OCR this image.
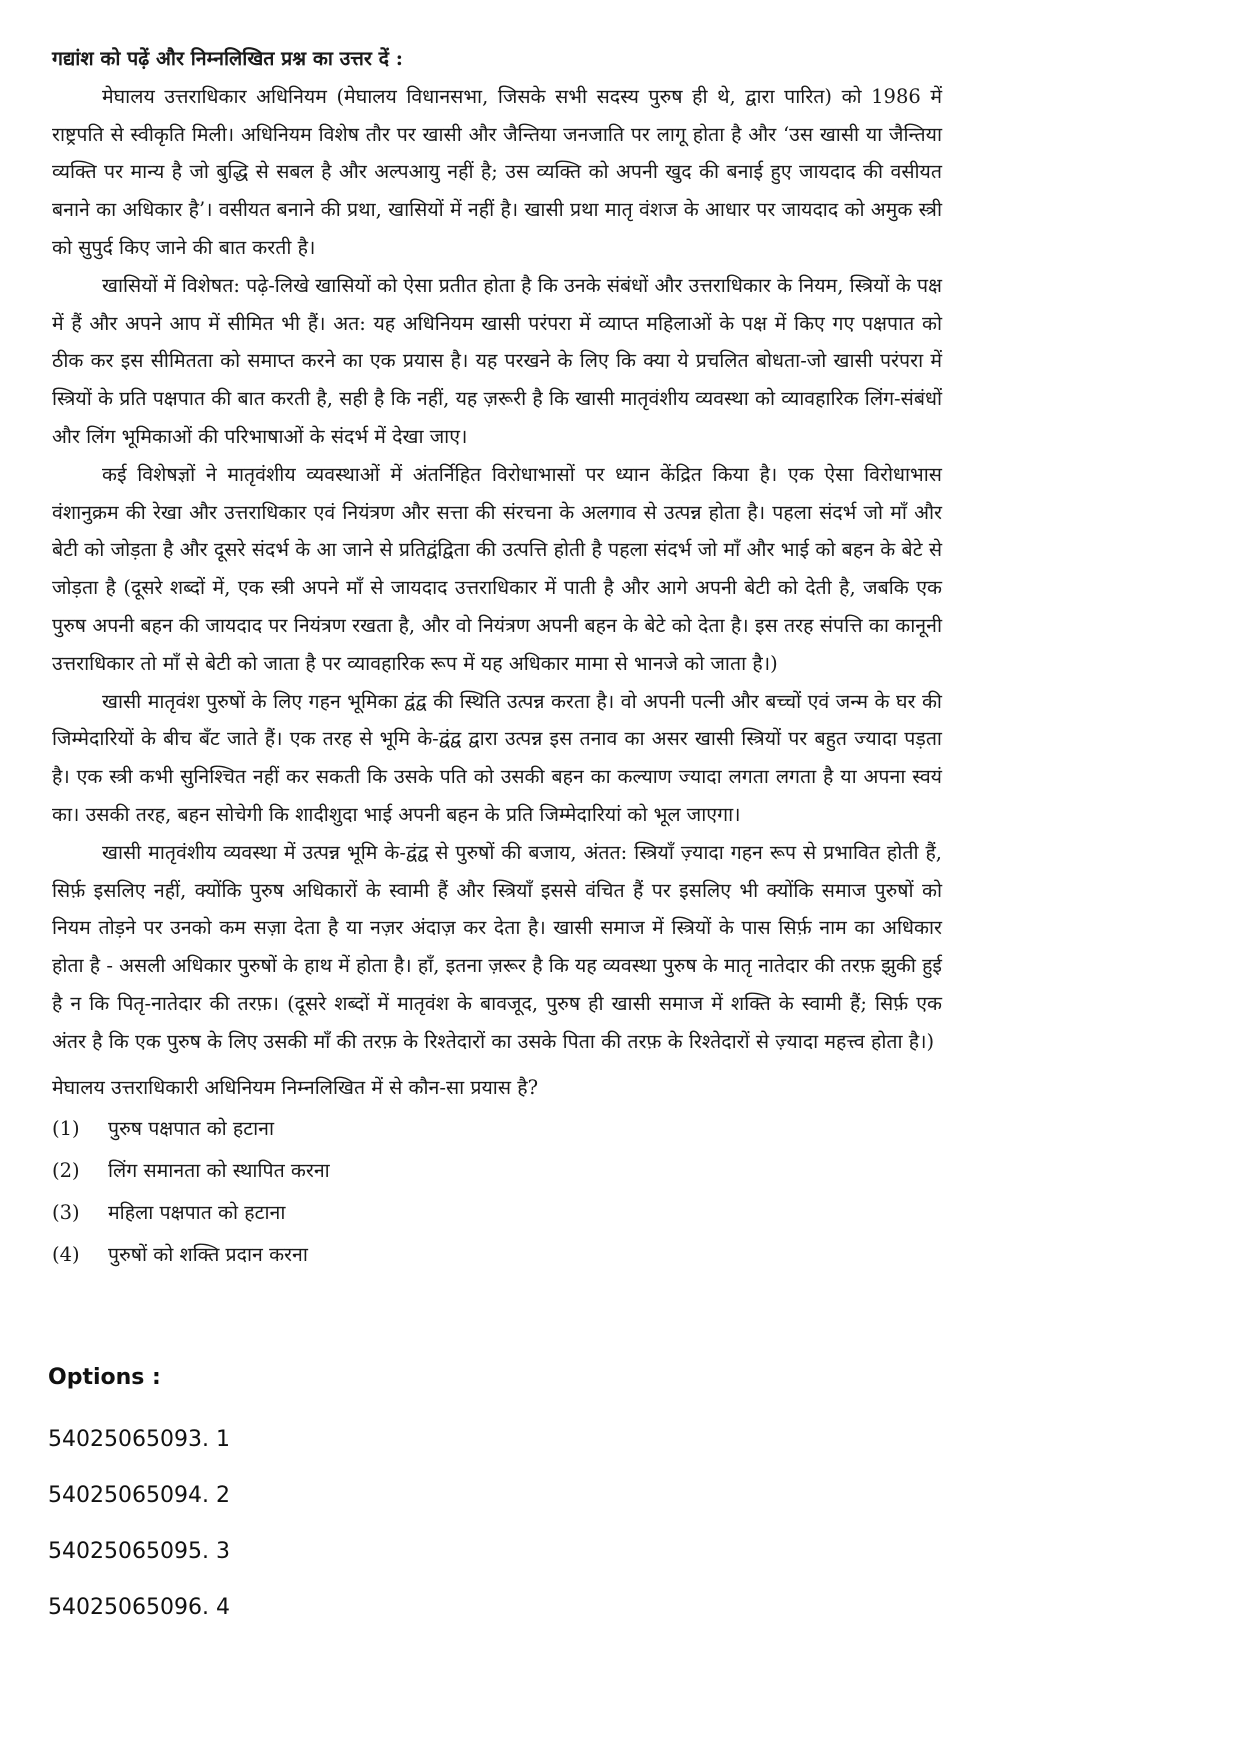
गद्यांश को पढ़ें और निम्नलिखित प्रश्न का उत्तर दें :

मेघालय उत्तराधिकार अधिनियम (मेघालय विधानसभा, जिसके सभी सदस्य पुरुष ही थे, द्वारा पारित) को 1986 में राष्ट्रपति से स्वीकृति मिली। अधिनियम विशेष तौर पर खासी और जैन्तिया जनजाति पर लागू होता है और ‘उस खासी या जैन्तिया व्यक्ति पर मान्य है जो बुद्धि से सबल है और अल्पआयु नहीं है; उस व्यक्ति को अपनी खुद की बनाई हुए जायदाद की वसीयत बनाने का अधिकार है’। वसीयत बनाने की प्रथा, खासियों में नहीं है। खासी प्रथा मातृ वंशज के आधार पर जायदाद को अमुक स्त्री को सुपुर्द किए जाने की बात करती है।

खासियों में विशेषत: पढ़े-लिखे खासियों को ऐसा प्रतीत होता है कि उनके संबंधों और उत्तराधिकार के नियम, स्त्रियों के पक्ष में हैं और अपने आप में सीमित भी हैं। अत: यह अधिनियम खासी परंपरा में व्याप्त महिलाओं के पक्ष में किए गए पक्षपात को ठीक कर इस सीमितता को समाप्त करने का एक प्रयास है। यह परखने के लिए कि क्या ये प्रचलित बोधता-जो खासी परंपरा में स्त्रियों के प्रति पक्षपात की बात करती है, सही है कि नहीं, यह ज़रूरी है कि खासी मातृवंशीय व्यवस्था को व्यावहारिक लिंग-संबंधों और लिंग भूमिकाओं की परिभाषाओं के संदर्भ में देखा जाए।

कई विशेषज्ञों ने मातृवंशीय व्यवस्थाओं में अंतर्निहित विरोधाभासों पर ध्यान केंद्रित किया है। एक ऐसा विरोधाभास वंशानुक्रम की रेखा और उत्तराधिकार एवं नियंत्रण और सत्ता की संरचना के अलगाव से उत्पन्न होता है। पहला संदर्भ जो माँ और बेटी को जोड़ता है और दूसरे संदर्भ के आ जाने से प्रतिद्वंद्विता की उत्पत्ति होती है पहला संदर्भ जो माँ और भाई को बहन के बेटे से जोड़ता है (दूसरे शब्दों में, एक स्त्री अपने माँ से जायदाद उत्तराधिकार में पाती है और आगे अपनी बेटी को देती है, जबकि एक पुरुष अपनी बहन की जायदाद पर नियंत्रण रखता है, और वो नियंत्रण अपनी बहन के बेटे को देता है। इस तरह संपत्ति का कानूनी उत्तराधिकार तो माँ से बेटी को जाता है पर व्यावहारिक रूप में यह अधिकार मामा से भानजे को जाता है।)

खासी मातृवंश पुरुषों के लिए गहन भूमिका द्वंद्व की स्थिति उत्पन्न करता है। वो अपनी पत्नी और बच्चों एवं जन्म के घर की जिम्मेदारियों के बीच बँट जाते हैं। एक तरह से भूमि के-द्वंद्व द्वारा उत्पन्न इस तनाव का असर खासी स्त्रियों पर बहुत ज्यादा पड़ता है। एक स्त्री कभी सुनिश्चित नहीं कर सकती कि उसके पति को उसकी बहन का कल्याण ज्यादा लगता लगता है या अपना स्वयं का। उसकी तरह, बहन सोचेगी कि शादीशुदा भाई अपनी बहन के प्रति जिम्मेदारियां को भूल जाएगा।

खासी मातृवंशीय व्यवस्था में उत्पन्न भूमि के-द्वंद्व से पुरुषों की बजाय, अंतत: स्त्रियाँ ज़्यादा गहन रूप से प्रभावित होती हैं, सिर्फ़ इसलिए नहीं, क्योंकि पुरुष अधिकारों के स्वामी हैं और स्त्रियाँ इससे वंचित हैं पर इसलिए भी क्योंकि समाज पुरुषों को नियम तोड़ने पर उनको कम सज़ा देता है या नज़र अंदाज़ कर देता है। खासी समाज में स्त्रियों के पास सिर्फ़ नाम का अधिकार होता है - असली अधिकार पुरुषों के हाथ में होता है। हाँ, इतना ज़रूर है कि यह व्यवस्था पुरुष के मातृ नातेदार की तरफ़ झुकी हुई है न कि पितृ-नातेदार की तरफ़। (दूसरे शब्दों में मातृवंश के बावजूद, पुरुष ही खासी समाज में शक्ति के स्वामी हैं; सिर्फ़ एक अंतर है कि एक पुरुष के लिए उसकी माँ की तरफ़ के रिश्तेदारों का उसके पिता की तरफ़ के रिश्तेदारों से ज़्यादा महत्त्व होता है।)

मेघालय उत्तराधिकारी अधिनियम निम्नलिखित में से कौन-सा प्रयास है?

(1)	पुरुष पक्षपात को हटाना
(2)	लिंग समानता को स्थापित करना
(3)	महिला पक्षपात को हटाना
(4)	पुरुषों को शक्ति प्रदान करना

Options :

54025065093. 1

54025065094. 2

54025065095. 3

54025065096. 4
